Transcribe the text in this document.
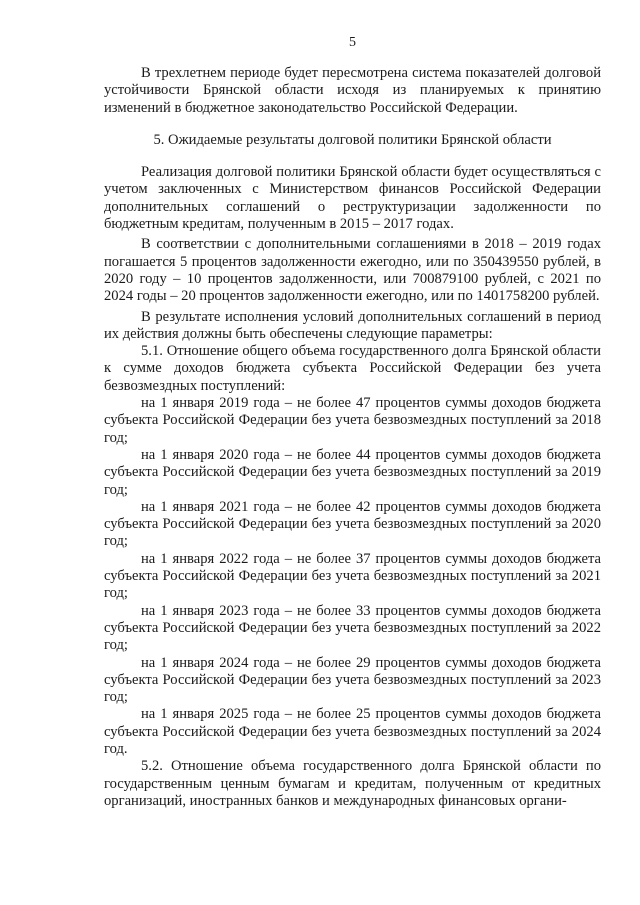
5

В трехлетнем периоде будет пересмотрена система показателей долговой устойчивости Брянской области исходя из планируемых к принятию изменений в бюджетное законодательство Российской Федерации.

5. Ожидаемые результаты долговой политики Брянской области

Реализация долговой политики Брянской области будет осуществляться с учетом заключенных с Министерством финансов Российской Федерации дополнительных соглашений о реструктуризации задолженности по бюджетным кредитам, полученным в 2015 – 2017 годах.

В соответствии с дополнительными соглашениями в 2018 – 2019 годах погашается 5 процентов задолженности ежегодно, или по 350439550 рублей, в 2020 году – 10 процентов задолженности, или 700879100 рублей, с 2021 по 2024 годы – 20 процентов задолженности ежегодно, или по 1401758200 рублей.

В результате исполнения условий дополнительных соглашений в период их действия должны быть обеспечены следующие параметры:

5.1. Отношение общего объема государственного долга Брянской области к сумме доходов бюджета субъекта Российской Федерации без учета безвозмездных поступлений:

на 1 января 2019 года – не более 47 процентов суммы доходов бюджета субъекта Российской Федерации без учета безвозмездных поступлений за 2018 год;

на 1 января 2020 года – не более 44 процентов суммы доходов бюджета субъекта Российской Федерации без учета безвозмездных поступлений за 2019 год;

на 1 января 2021 года – не более 42 процентов суммы доходов бюджета субъекта Российской Федерации без учета безвозмездных поступлений за 2020 год;

на 1 января 2022 года – не более 37 процентов суммы доходов бюджета субъекта Российской Федерации без учета безвозмездных поступлений за 2021 год;

на 1 января 2023 года – не более 33 процентов суммы доходов бюджета субъекта Российской Федерации без учета безвозмездных поступлений за 2022 год;

на 1 января 2024 года – не более 29 процентов суммы доходов бюджета субъекта Российской Федерации без учета безвозмездных поступлений за 2023 год;

на 1 января 2025 года – не более 25 процентов суммы доходов бюджета субъекта Российской Федерации без учета безвозмездных поступлений за 2024 год.

5.2. Отношение объема государственного долга Брянской области по государственным ценным бумагам и кредитам, полученным от кредитных организаций, иностранных банков и международных финансовых органи-
